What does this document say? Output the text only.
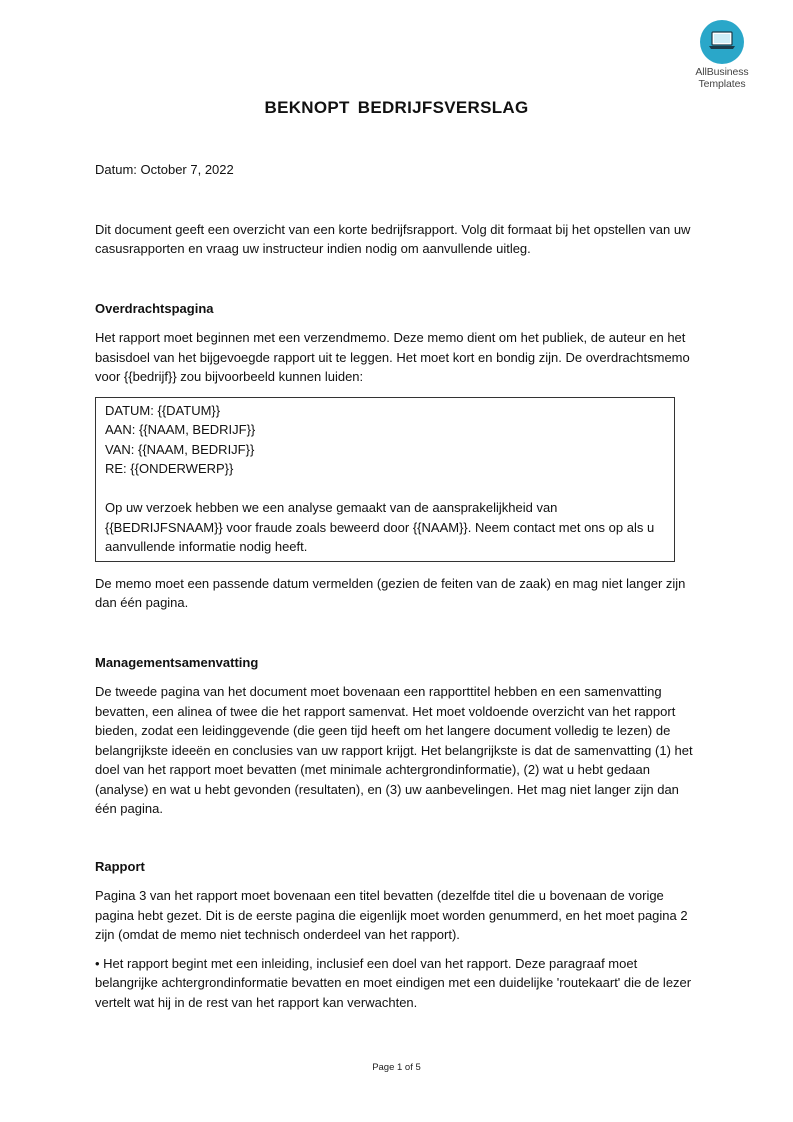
AllBusiness
Templates
BEKNOPT BEDRIJFSVERSLAG

Datum: October 7, 2022

Dit document geeft een overzicht van een korte bedrijfsrapport. Volg dit formaat bij het opstellen van uw casusrapporten en vraag uw instructeur indien nodig om aanvullende uitleg.

Overdrachtspagina

Het rapport moet beginnen met een verzendmemo. Deze memo dient om het publiek, de auteur en het basisdoel van het bijgevoegde rapport uit te leggen. Het moet kort en bondig zijn. De overdrachtsmemo voor {{bedrijf}} zou bijvoorbeeld kunnen luiden:

DATUM: {{DATUM}}
AAN: {{NAAM, BEDRIJF}}
VAN: {{NAAM, BEDRIJF}}
RE: {{ONDERWERP}}
Op uw verzoek hebben we een analyse gemaakt van de aansprakelijkheid van {{BEDRIJFSNAAM}} voor fraude zoals beweerd door {{NAAM}}. Neem contact met ons op als u aanvullende informatie nodig heeft.

De memo moet een passende datum vermelden (gezien de feiten van de zaak) en mag niet langer zijn dan één pagina.

Managementsamenvatting

De tweede pagina van het document moet bovenaan een rapporttitel hebben en een samenvatting bevatten, een alinea of twee die het rapport samenvat. Het moet voldoende overzicht van het rapport bieden, zodat een leidinggevende (die geen tijd heeft om het langere document volledig te lezen) de belangrijkste ideeën en conclusies van uw rapport krijgt. Het belangrijkste is dat de samenvatting (1) het doel van het rapport moet bevatten (met minimale achtergrondinformatie), (2) wat u hebt gedaan (analyse) en wat u hebt gevonden (resultaten), en (3) uw aanbevelingen. Het mag niet langer zijn dan één pagina.

Rapport

Pagina 3 van het rapport moet bovenaan een titel bevatten (dezelfde titel die u bovenaan de vorige pagina hebt gezet. Dit is de eerste pagina die eigenlijk moet worden genummerd, en het moet pagina 2 zijn (omdat de memo niet technisch onderdeel van het rapport).

• Het rapport begint met een inleiding, inclusief een doel van het rapport. Deze paragraaf moet belangrijke achtergrondinformatie bevatten en moet eindigen met een duidelijke 'routekaart' die de lezer vertelt wat hij in de rest van het rapport kan verwachten.

Page 1 of 5
